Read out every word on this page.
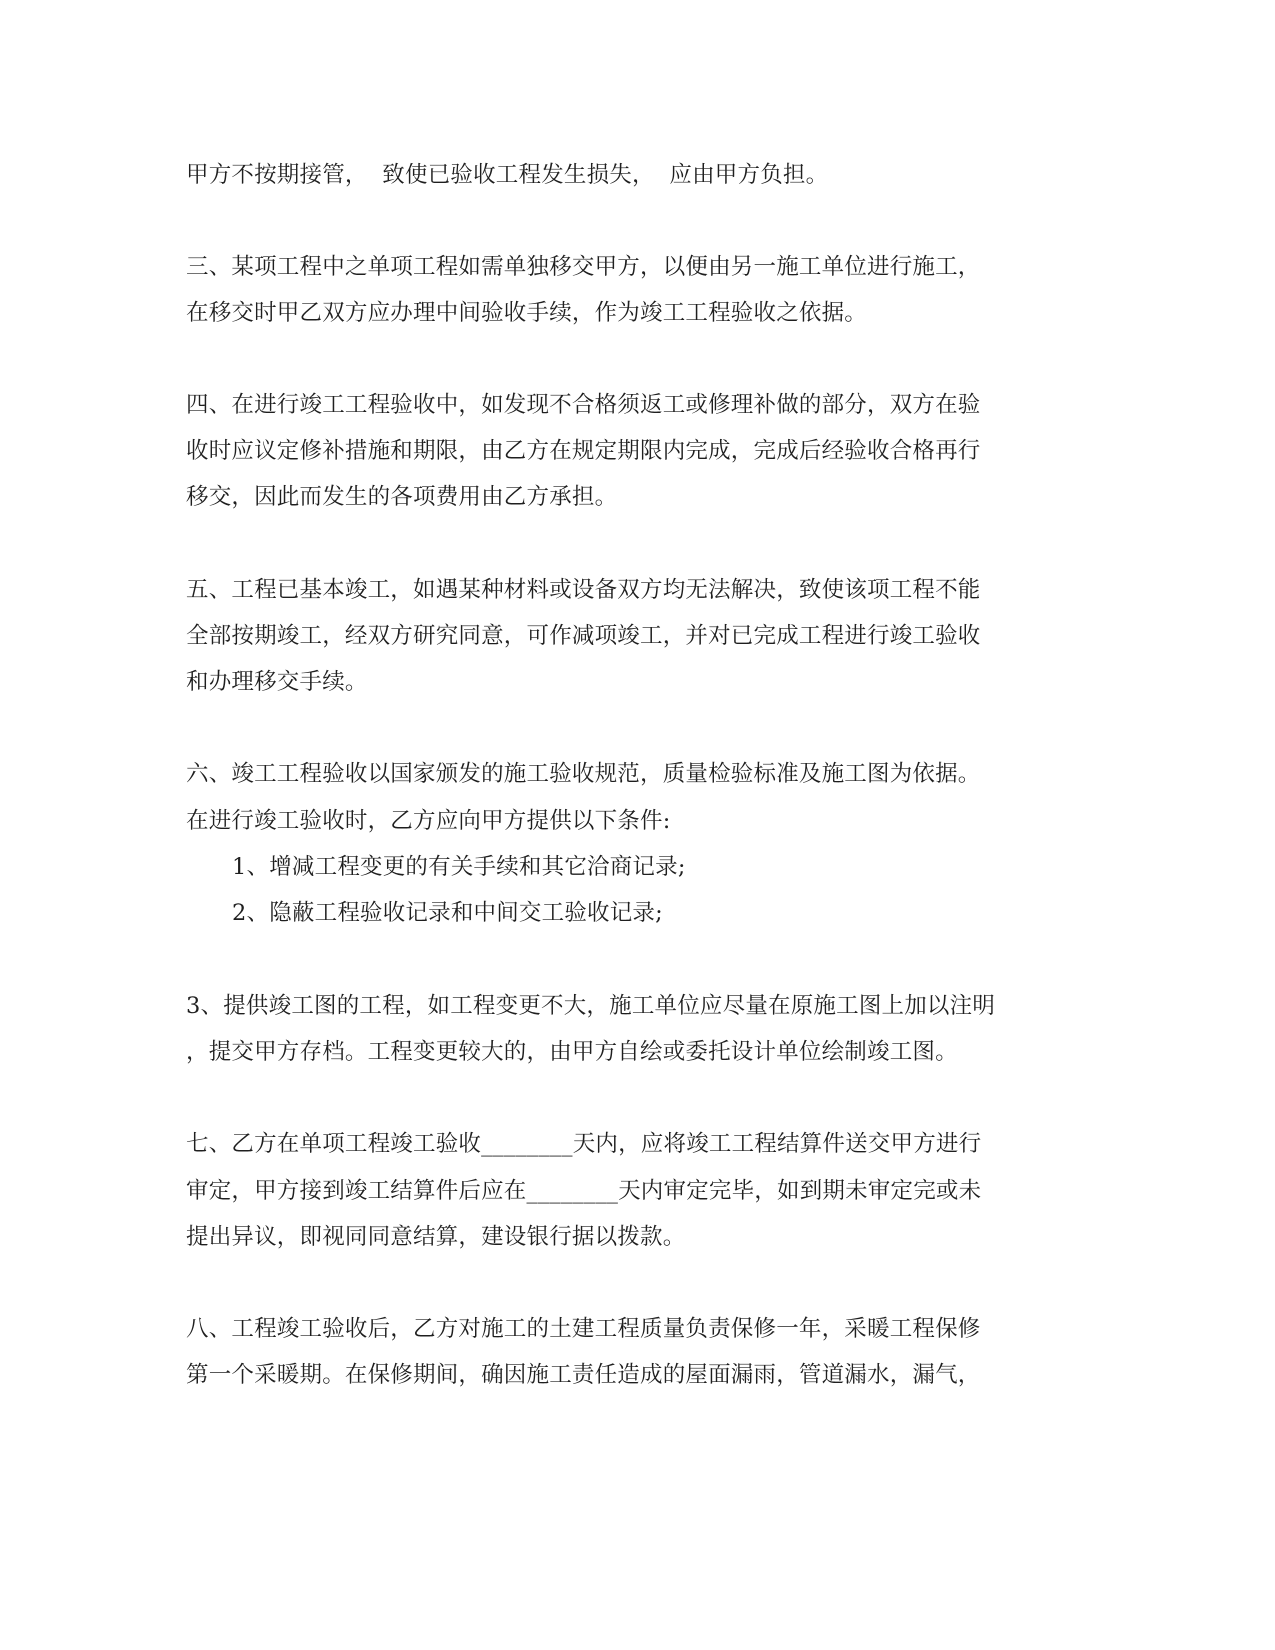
甲方不按期接管，  致使已验收工程发生损失，  应由甲方负担。
三、某项工程中之单项工程如需单独移交甲方，以便由另一施工单位进行施工，
在移交时甲乙双方应办理中间验收手续，作为竣工工程验收之依据。
四、在进行竣工工程验收中，如发现不合格须返工或修理补做的部分，双方在验
收时应议定修补措施和期限，由乙方在规定期限内完成，完成后经验收合格再行
移交，因此而发生的各项费用由乙方承担。
五、工程已基本竣工，如遇某种材料或设备双方均无法解决，致使该项工程不能
全部按期竣工，经双方研究同意，可作减项竣工，并对已完成工程进行竣工验收
和办理移交手续。
六、竣工工程验收以国家颁发的施工验收规范，质量检验标准及施工图为依据。
在进行竣工验收时，乙方应向甲方提供以下条件:
1、增减工程变更的有关手续和其它洽商记录;
2、隐蔽工程验收记录和中间交工验收记录;
3、提供竣工图的工程，如工程变更不大，施工单位应尽量在原施工图上加以注明
，提交甲方存档。工程变更较大的，由甲方自绘或委托设计单位绘制竣工图。
七、乙方在单项工程竣工验收________天内，应将竣工工程结算件送交甲方进行
审定，甲方接到竣工结算件后应在________天内审定完毕，如到期未审定完或未
提出异议，即视同同意结算，建设银行据以拨款。
八、工程竣工验收后，乙方对施工的土建工程质量负责保修一年，采暖工程保修
第一个采暖期。在保修期间，确因施工责任造成的屋面漏雨，管道漏水，漏气，
